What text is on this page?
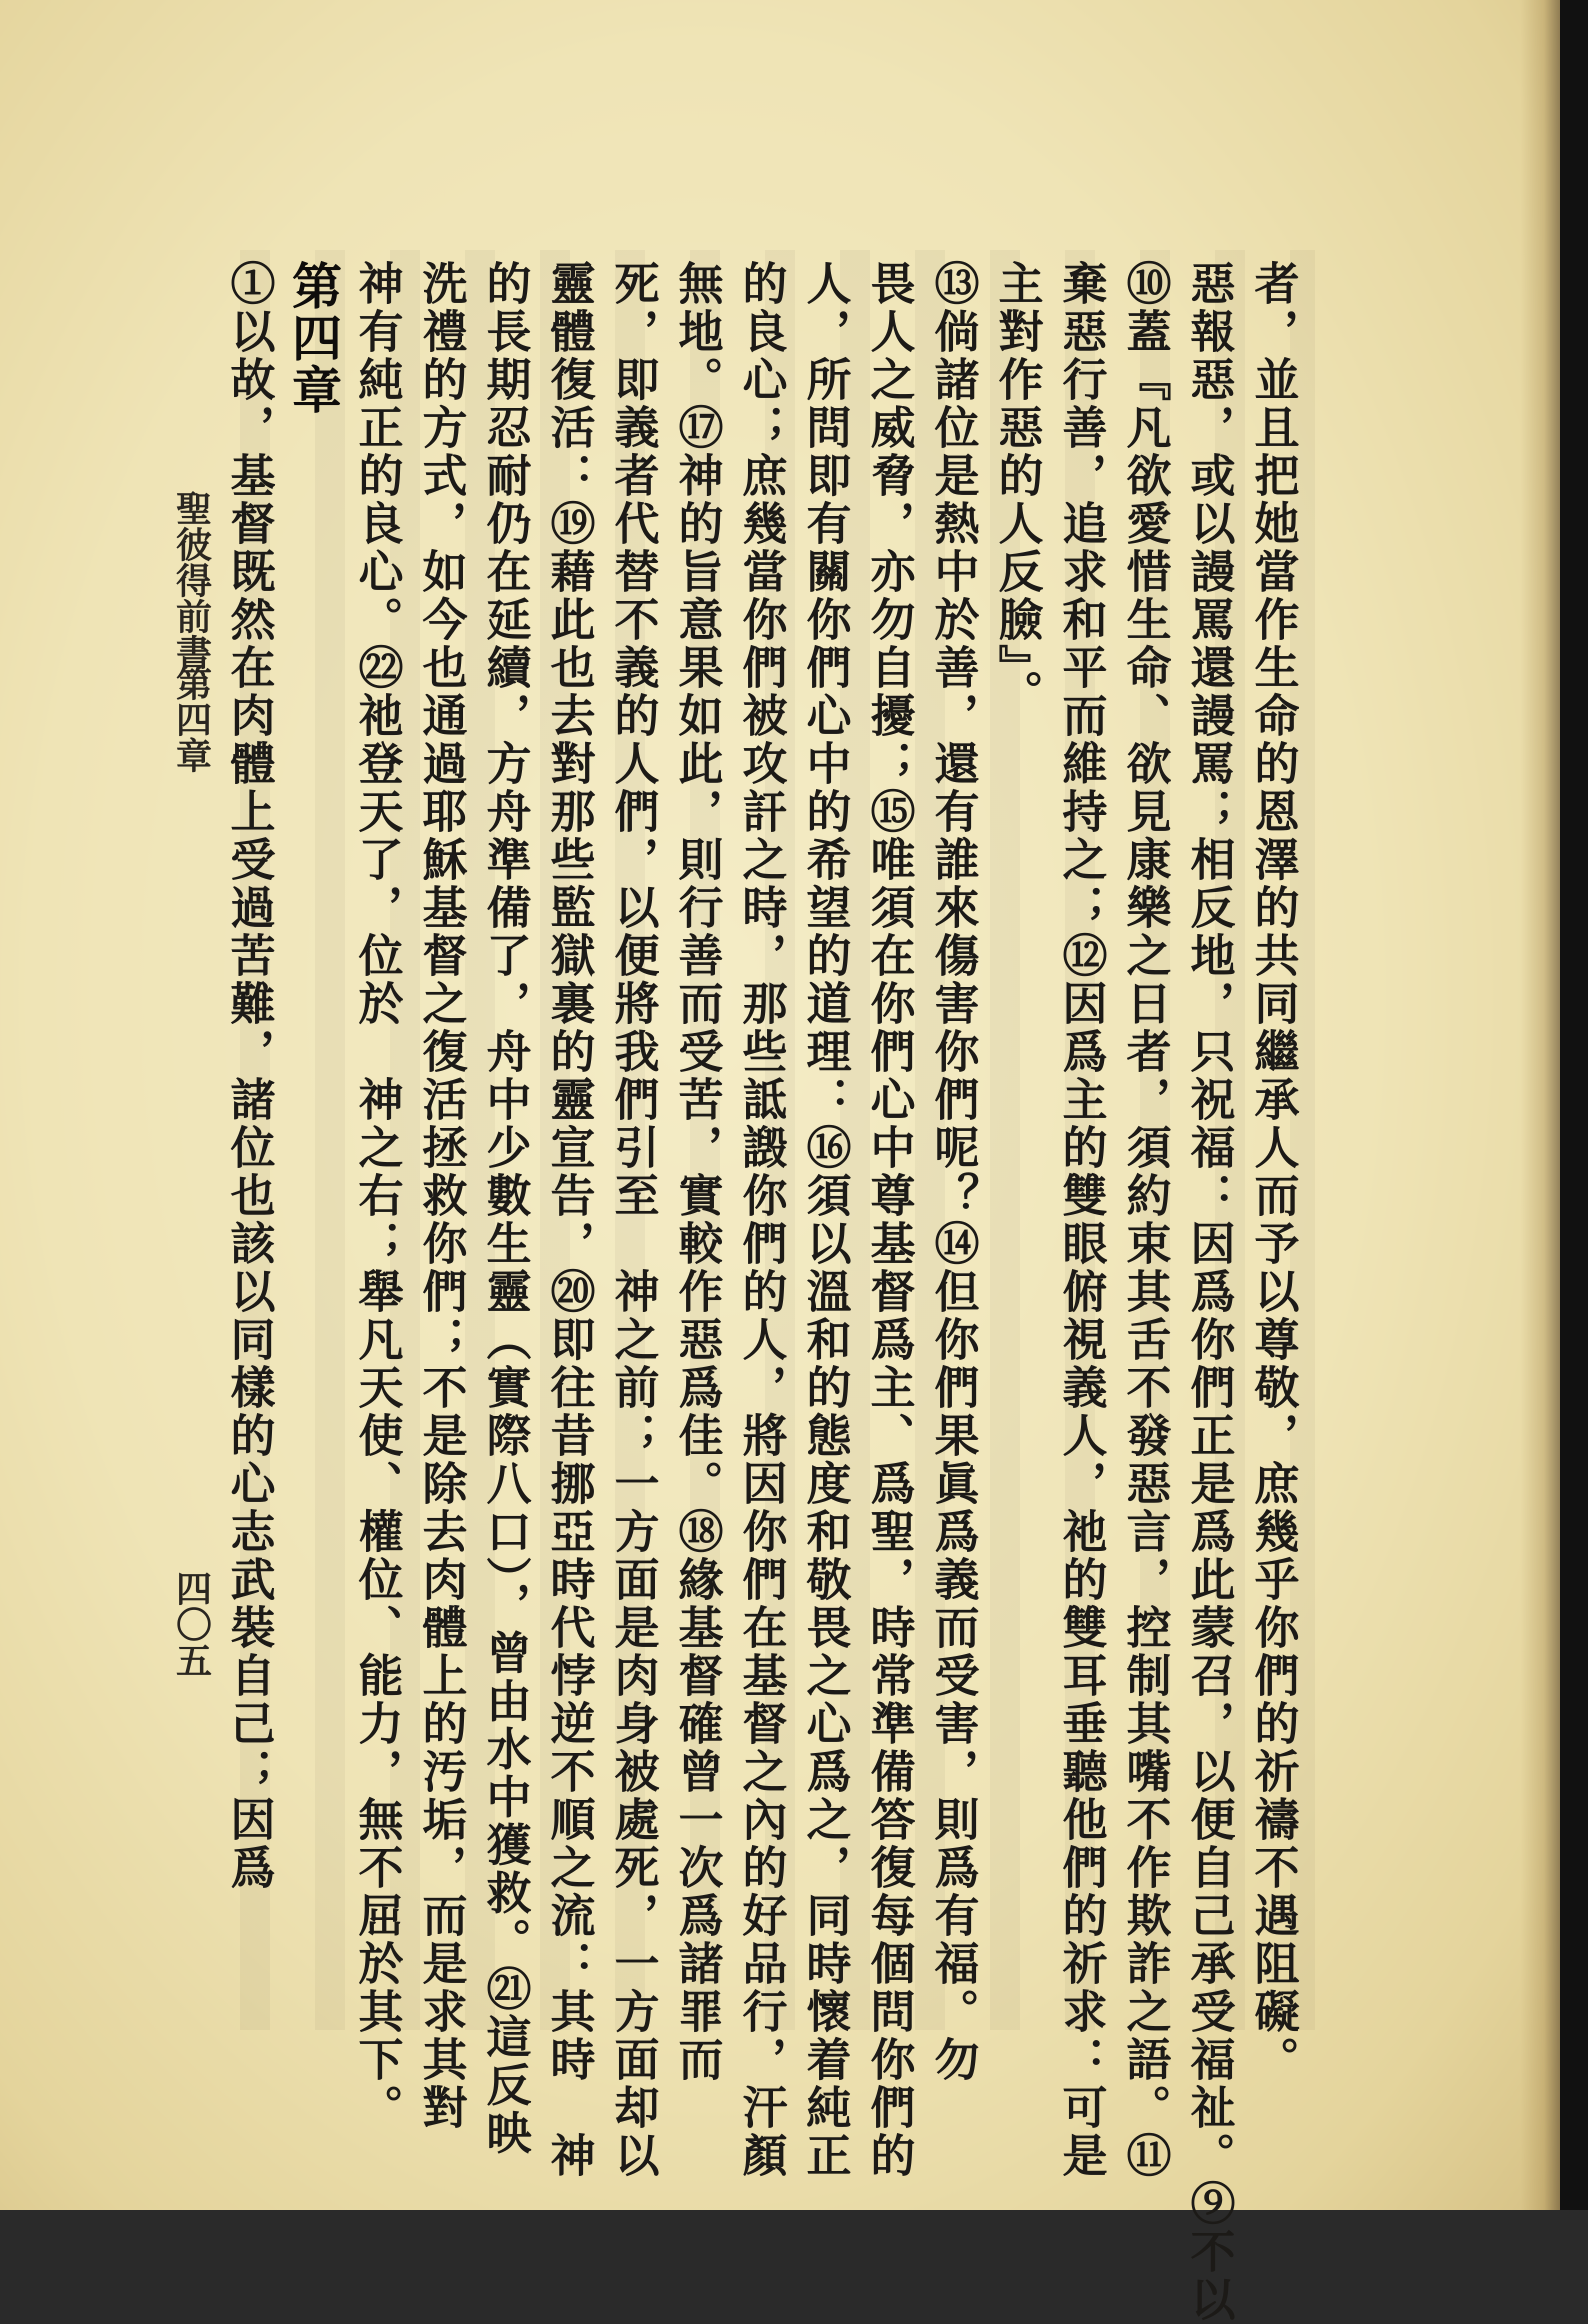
者，並且把她當作生命的恩澤的共同繼承人而予以尊敬，庶幾乎你們的祈禱不遇阻礙。
惡報惡，或以謾罵還謾罵；相反地，只祝福：因爲你們正是爲此蒙召，以便自己承受福祉。⑨不以
⑩蓋『凡欲愛惜生命、欲見康樂之日者，須約束其舌不發惡言，控制其嘴不作欺詐之語。⑪
棄惡行善，追求和平而維持之；⑫因爲主的雙眼俯視義人，祂的雙耳垂聽他們的祈求：可是
主對作惡的人反臉』。
⑬倘諸位是熱中於善，還有誰來傷害你們呢？⑭但你們果眞爲義而受害，則爲有福。勿
畏人之威脅，亦勿自擾；⑮唯須在你們心中尊基督爲主、爲聖，時常準備答復每個問你們的
人，所問即有關你們心中的希望的道理：⑯須以溫和的態度和敬畏之心爲之，同時懷着純正
的良心；庶幾當你們被攻訐之時，那些詆譭你們的人，將因你們在基督之內的好品行，汗顏
無地。⑰神的旨意果如此，則行善而受苦，實較作惡爲佳。⑱緣基督確曾一次爲諸罪而
死，即義者代替不義的人們，以便將我們引至　神之前；一方面是肉身被處死，一方面却以
靈體復活：⑲藉此也去對那些監獄裏的靈宣告，⑳即往昔挪亞時代悖逆不順之流：其時　神
的長期忍耐仍在延續，方舟準備了，舟中少數生靈（實際八口），曾由水中獲救。㉑這反映
洗禮的方式，如今也通過耶穌基督之復活拯救你們；不是除去肉體上的汚垢，而是求其對
神有純正的良心。㉒祂登天了，位於　神之右；舉凡天使、權位、能力，無不屈於其下。
第四章
①以故，基督既然在肉體上受過苦難，諸位也該以同樣的心志武裝自己；因爲
聖彼得前書
第四章
四〇五
